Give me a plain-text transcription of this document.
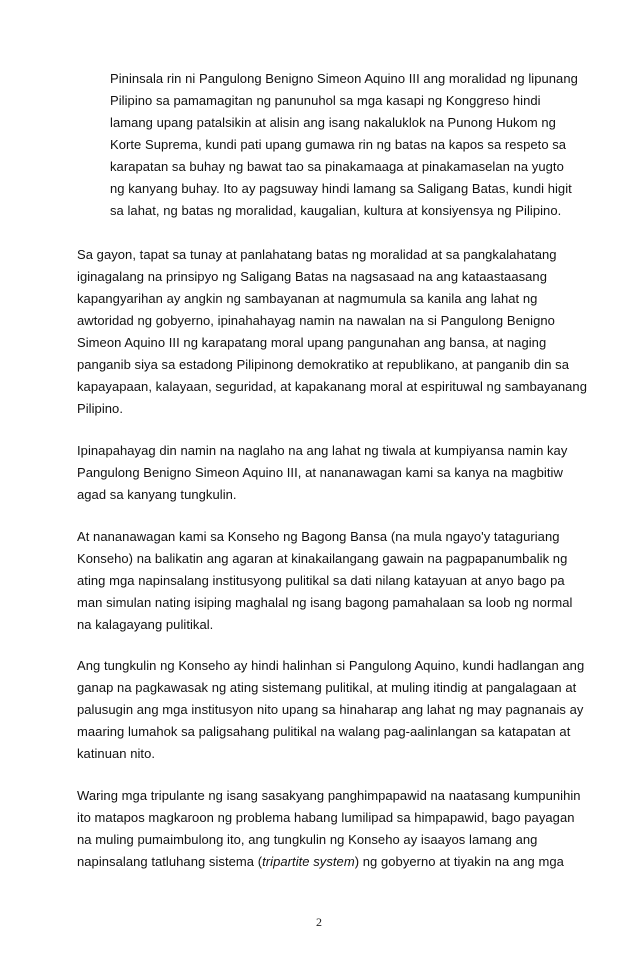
Pininsala rin ni Pangulong Benigno Simeon Aquino III ang moralidad ng lipunang
Pilipino sa pamamagitan ng panunuhol sa mga kasapi ng Konggreso hindi
lamang upang patalsikin at alisin ang isang nakaluklok na Punong Hukom ng
Korte Suprema, kundi pati upang gumawa rin ng batas na kapos sa respeto sa
karapatan sa buhay ng bawat tao sa pinakamaaga at pinakamaselan na yugto
ng kanyang buhay. Ito ay pagsuway hindi lamang sa Saligang Batas, kundi higit
sa lahat, ng batas ng moralidad, kaugalian, kultura at konsiyensya ng Pilipino.
Sa gayon, tapat sa tunay at panlahatang batas ng moralidad at sa pangkalahatang
iginagalang na prinsipyo ng Saligang Batas na nagsasaad na ang kataastaasang
kapangyarihan ay angkin ng sambayanan at nagmumula sa kanila ang lahat ng
awtoridad ng gobyerno, ipinahahayag namin na nawalan na si Pangulong Benigno
Simeon Aquino III ng karapatang moral upang pangunahan ang bansa, at naging
panganib siya sa estadong Pilipinong demokratiko at republikano, at panganib din sa
kapayapaan, kalayaan, seguridad, at kapakanang moral at espirituwal ng sambayanang
Pilipino.
Ipinapahayag din namin na naglaho na ang lahat ng tiwala at kumpiyansa namin kay
Pangulong Benigno Simeon Aquino III, at nananawagan kami sa kanya na magbitiw
agad sa kanyang tungkulin.
At nananawagan kami sa Konseho ng Bagong Bansa (na mula ngayo'y tataguriang
Konseho) na balikatin ang agaran at kinakailangang gawain na pagpapanumbalik ng
ating mga napinsalang institusyong pulitikal sa dati nilang katayuan at anyo bago pa
man simulan nating isiping maghalal ng isang bagong pamahalaan sa loob ng normal
na kalagayang pulitikal.
Ang tungkulin ng Konseho ay hindi halinhan si Pangulong Aquino, kundi hadlangan ang
ganap na pagkawasak ng ating sistemang pulitikal, at muling itindig at pangalagaan at
palusugin ang mga institusyon nito upang sa hinaharap ang lahat ng may pagnanais ay
maaring lumahok sa paligsahang pulitikal na walang pag-aalinlangan sa katapatan at
katinuan nito.
Waring mga tripulante ng isang sasakyang panghimpapawid na naatasang kumpunihin
ito matapos magkaroon ng problema habang lumilipad sa himpapawid, bago payagan
na muling pumaimbulong ito, ang tungkulin ng Konseho ay isaayos lamang ang
napinsalang tatluhang sistema (tripartite system) ng gobyerno at tiyakin na ang mga
2
